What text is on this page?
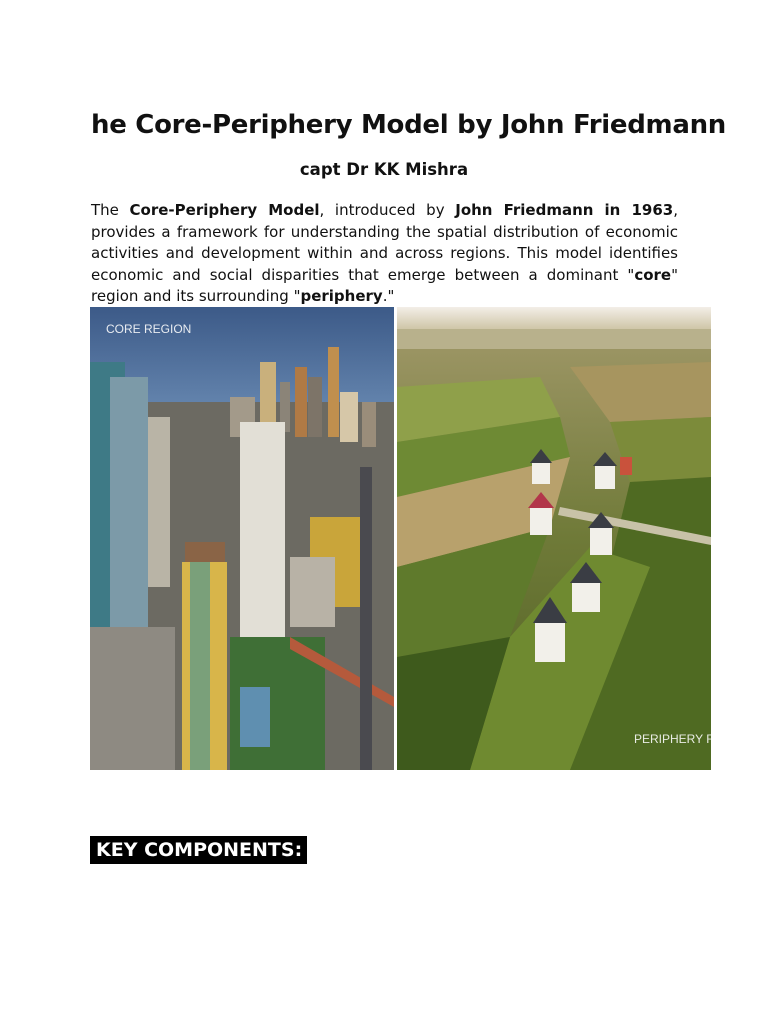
he Core-Periphery Model by John Friedmann
capt Dr KK Mishra

The Core-Periphery Model, introduced by John Friedmann in 1963, provides a framework for understanding the spatial distribution of economic activities and development within and across regions. This model identifies economic and social disparities that emerge between a dominant "core" region and its surrounding "periphery."

CORE REGION
PERIPHERY REGION
KEY COMPONENTS:
